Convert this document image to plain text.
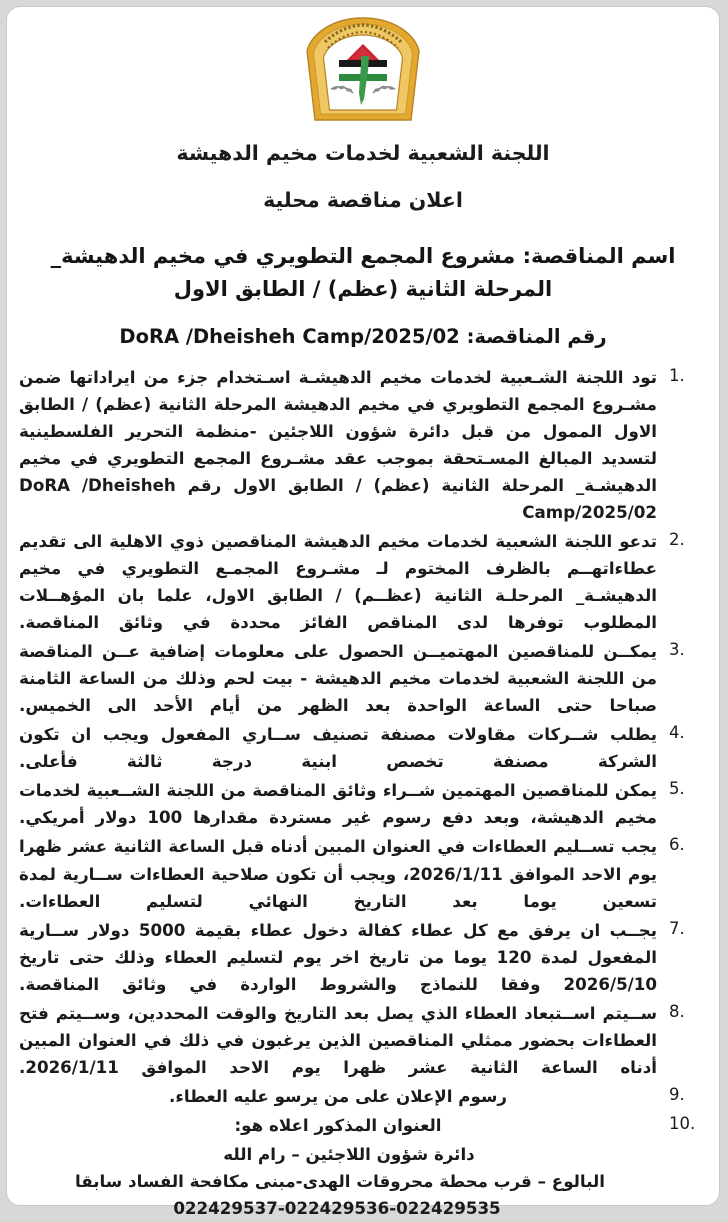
اللجنة الشعبية لخدمات مخيم الدهيشة
اعلان مناقصة محلية
اسم المناقصة: مشروع المجمع التطويري في مخيم الدهيشة_ المرحلة الثانية (عظم) / الطابق الاول
رقم المناقصة: DoRA /Dheisheh Camp/2025/02
1.
تود اللجنة الشـعبية لخدمات مخيم الدهيشـة اسـتخدام جزء من ايراداتها ضمن مشـروع المجمع التطويري في مخيم الدهيشة المرحلة الثانية (عظم) / الطابق الاول الممول من قبل دائرة شؤون اللاجئين -منظمة التحرير الفلسطينية لتسديد المبالغ المسـتحقة بموجب عقد مشـروع المجمع التطويري في مخيم الدهيشـة_ المرحلة الثانية (عظم) / الطابق الاول رقم DoRA /Dheisheh Camp/2025/02
2.
تدعو اللجنة الشعبية لخدمات مخيم الدهيشة المناقصين ذوي الاهلية الى تقديم عطاءاتهــم بالظرف المختوم لـ مشـروع المجمـع التطويري في مخيم الدهيشـة_ المرحلـة الثانية (عظــم) / الطابق الاول، علما بان المؤهــلات المطلوب توفرها لدى المناقص الفائز محددة في وثائق المناقصة.
3.
يمكــن للمناقصين المهتميــن الحصول على معلومات إضافية عــن المناقصة من اللجنة الشعبية لخدمات مخيم الدهيشة - بيت لحم وذلك من الساعة الثامنة صباحا حتى الساعة الواحدة بعد الظهر من أيام الأحد الى الخميس.
4.
يطلب شــركات مقاولات مصنفة تصنيف ســاري المفعول ويجب ان تكون الشركة مصنفة تخصص ابنية درجة ثالثة فأعلى.
5.
يمكن للمناقصين المهتمين شــراء وثائق المناقصة من اللجنة الشــعبية لخدمات مخيم الدهيشة، وبعد دفع رسوم غير مستردة مقدارها 100 دولار أمريكي.
6.
يجب تســليم العطاءات في العنوان المبين أدناه قبل الساعة الثانية عشر ظهرا يوم الاحد الموافق 2026/1/11، ويجب أن تكون صلاحية العطاءات ســارية لمدة تسعين يوما بعد التاريخ النهائي لتسليم العطاءات.
7.
يجــب ان يرفق مع كل عطاء كفالة دخول عطاء بقيمة 5000 دولار ســارية المفعول لمدة 120 يوما من تاريخ اخر يوم لتسليم العطاء وذلك حتى تاريخ 2026/5/10 وفقا للنماذج والشروط الواردة في وثائق المناقصة.
8.
ســيتم اســتبعاد العطاء الذي يصل بعد التاريخ والوقت المحددين، وســيتم فتح العطاءات بحضور ممثلي المناقصين الذين يرغبون في ذلك في العنوان المبين أدناه الساعة الثانية عشر ظهرا يوم الاحد الموافق 2026/1/11.
9.
رسوم الإعلان على من يرسو عليه العطاء.
10.
العنوان المذكور اعلاه هو:
دائرة شؤون اللاجئين – رام الله
البالوع – قرب محطة محروقات الهدى-مبنى مكافحة الفساد سابقا
022429537-022429536-022429535
